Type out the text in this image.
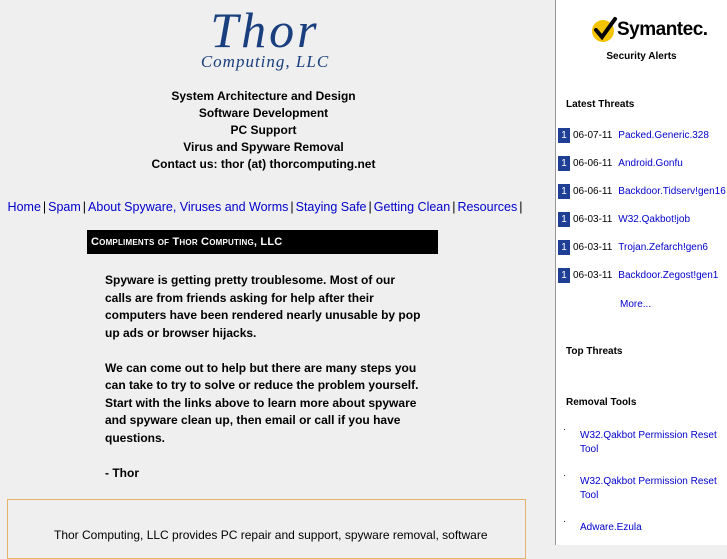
Thor
Computing, LLC
System Architecture and Design
Software Development
PC Support
Virus and Spyware Removal
Contact us: thor (at) thorcomputing.net
Home | Spam | About Spyware, Viruses and Worms | Staying Safe | Getting Clean | Resources |
Compliments of Thor Computing, LLC

Spyware is getting pretty troublesome. Most of our calls are from friends asking for help after their computers have been rendered nearly unusable by pop up ads or browser hijacks.

We can come out to help but there are many steps you can take to try to solve or reduce the problem yourself. Start with the links above to learn more about spyware and spyware clean up, then email or call if you have questions.

- Thor

Thor Computing, LLC provides PC repair and support, spyware removal, software
Symantec.
Security Alerts
Latest Threats
1 06-07-11 Packed.Generic.328
1 06-06-11 Android.Gonfu
1 06-06-11 Backdoor.Tidserv!gen16
1 06-03-11 W32.Qakbot!job
1 06-03-11 Trojan.Zefarch!gen6
1 06-03-11 Backdoor.Zegost!gen1
More...
Top Threats
Removal Tools
·
W32.Qakbot Permission Reset Tool
·
W32.Qakbot Permission Reset Tool
·
Adware.Ezula
